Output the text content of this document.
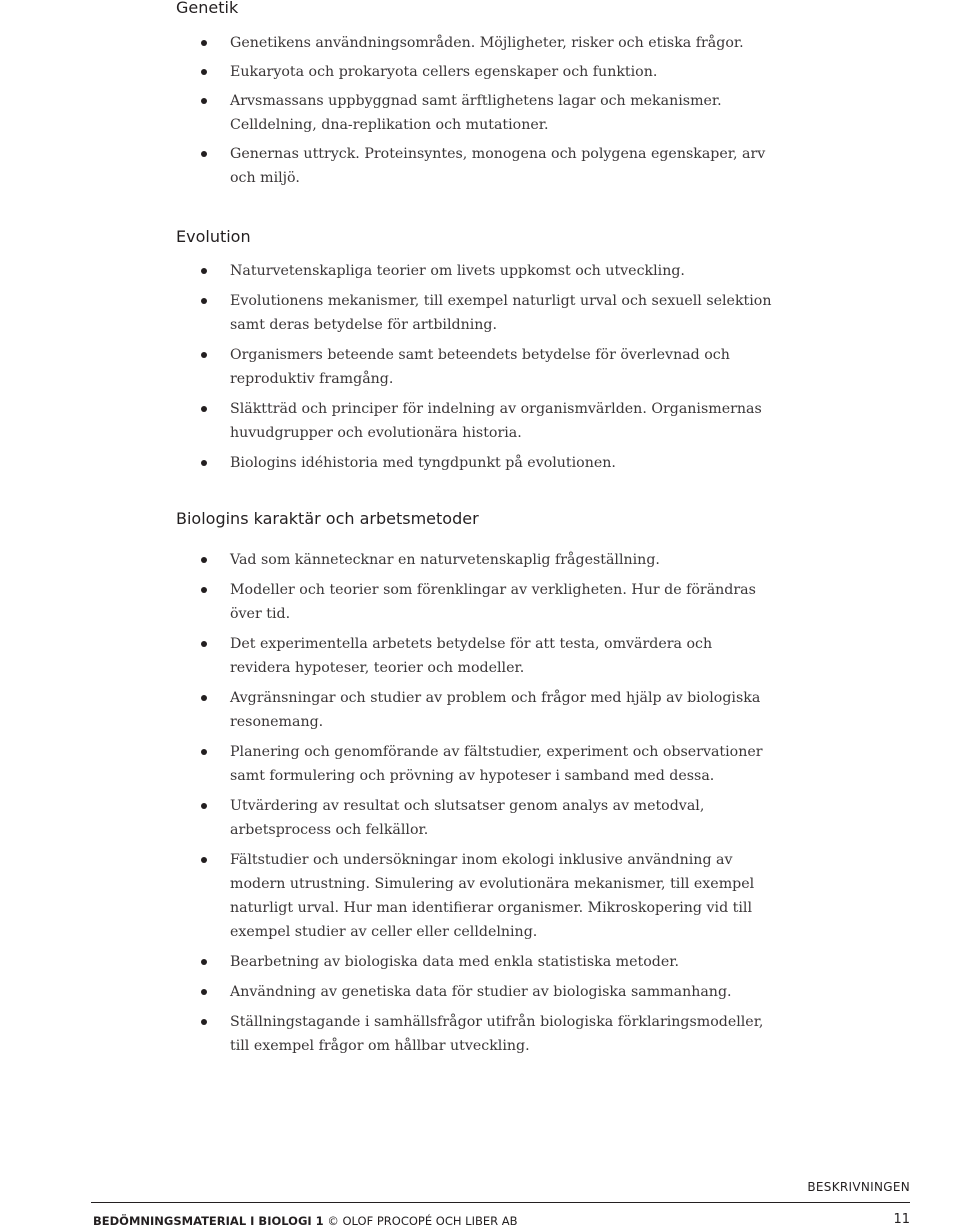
Genetik
Genetikens användningsområden. Möjligheter, risker och etiska frågor.
Eukaryota och prokaryota cellers egenskaper och funktion.
Arvsmassans uppbyggnad samt ärftlighetens lagar och mekanismer. Celldelning, dna-replikation och mutationer.
Genernas uttryck. Proteinsyntes, monogena och polygena egenskaper, arv och miljö.
Evolution
Naturvetenskapliga teorier om livets uppkomst och utveckling.
Evolutionens mekanismer, till exempel naturligt urval och sexuell selektion samt deras betydelse för artbildning.
Organismers beteende samt beteendets betydelse för överlevnad och reproduktiv framgång.
Släktträd och principer för indelning av organismvärlden. Organismernas huvudgrupper och evolutionära historia.
Biologins idéhistoria med tyngdpunkt på evolutionen.
Biologins karaktär och arbetsmetoder
Vad som kännetecknar en naturvetenskaplig frågeställning.
Modeller och teorier som förenklingar av verkligheten. Hur de förändras över tid.
Det experimentella arbetets betydelse för att testa, omvärdera och revidera hypoteser, teorier och modeller.
Avgränsningar och studier av problem och frågor med hjälp av biologiska resonemang.
Planering och genomförande av fältstudier, experiment och observationer samt formulering och prövning av hypoteser i samband med dessa.
Utvärdering av resultat och slutsatser genom analys av metodval, arbetsprocess och felkällor.
Fältstudier och undersökningar inom ekologi inklusive användning av modern utrustning. Simulering av evolutionära mekanismer, till exempel naturligt urval. Hur man identifierar organismer. Mikroskopering vid till exempel studier av celler eller celldelning.
Bearbetning av biologiska data med enkla statistiska metoder.
Användning av genetiska data för studier av biologiska sammanhang.
Ställningstagande i samhällsfrågor utifrån biologiska förklaringsmodeller, till exempel frågor om hållbar utveckling.
BESKRIVNINGEN
BEDÖMNINGSMATERIAL I BIOLOGI 1 © OLOF PROCOPÉ OCH LIBER AB	11
